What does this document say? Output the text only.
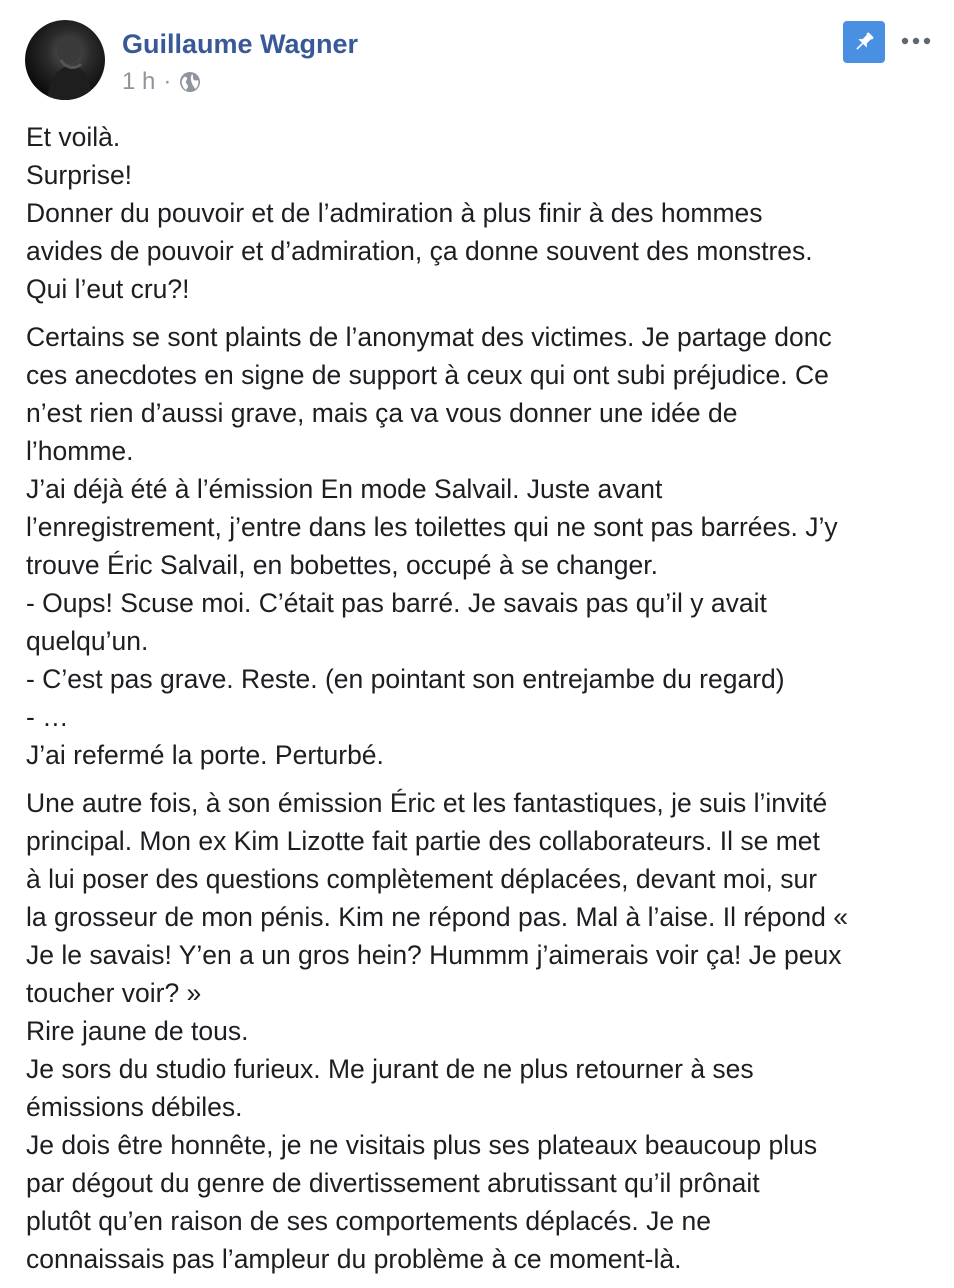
Guillaume Wagner
1 h ·
Et voilà.
Surprise!
Donner du pouvoir et de l’admiration à plus finir à des hommes
avides de pouvoir et d’admiration, ça donne souvent des monstres.
Qui l’eut cru?!
Certains se sont plaints de l’anonymat des victimes. Je partage donc
ces anecdotes en signe de support à ceux qui ont subi préjudice. Ce
n’est rien d’aussi grave, mais ça va vous donner une idée de
l’homme.
J’ai déjà été à l’émission En mode Salvail. Juste avant
l’enregistrement, j’entre dans les toilettes qui ne sont pas barrées. J’y
trouve Éric Salvail, en bobettes, occupé à se changer.
- Oups! Scuse moi. C’était pas barré. Je savais pas qu’il y avait
quelqu’un.
- C’est pas grave. Reste. (en pointant son entrejambe du regard)
- …
J’ai refermé la porte. Perturbé.
Une autre fois, à son émission Éric et les fantastiques, je suis l’invité
principal. Mon ex Kim Lizotte fait partie des collaborateurs. Il se met
à lui poser des questions complètement déplacées, devant moi, sur
la grosseur de mon pénis. Kim ne répond pas. Mal à l’aise. Il répond «
Je le savais! Y’en a un gros hein? Hummm j’aimerais voir ça! Je peux
toucher voir? »
Rire jaune de tous.
Je sors du studio furieux. Me jurant de ne plus retourner à ses
émissions débiles.
Je dois être honnête, je ne visitais plus ses plateaux beaucoup plus
par dégout du genre de divertissement abrutissant qu’il prônait
plutôt qu’en raison de ses comportements déplacés. Je ne
connaissais pas l’ampleur du problème à ce moment-là.
